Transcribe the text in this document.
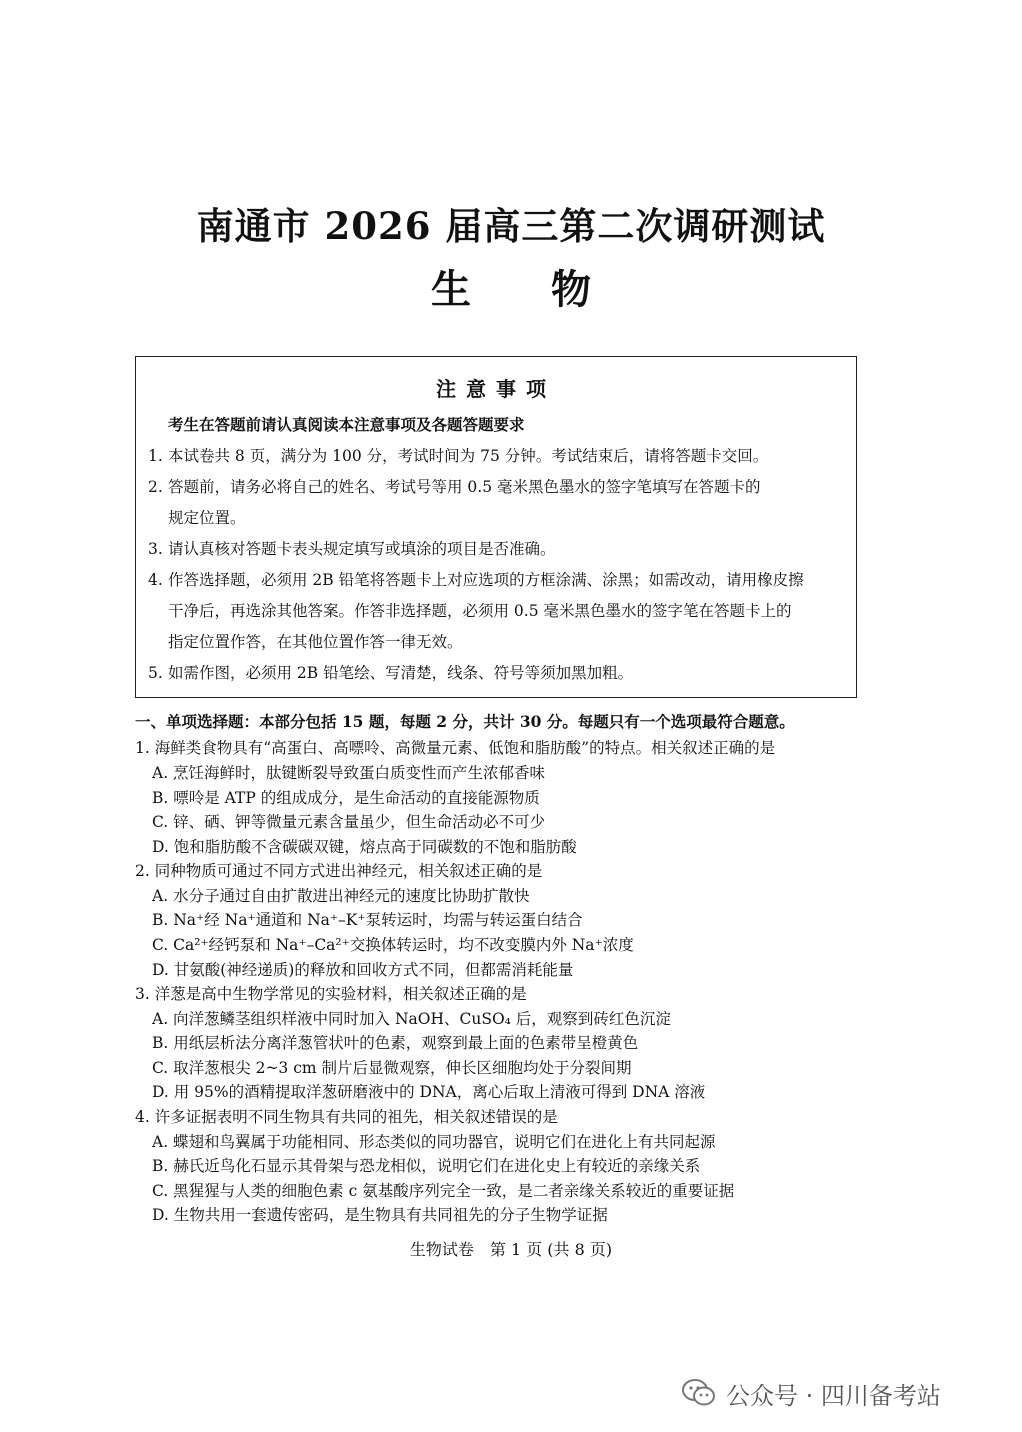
南通市 2026 届高三第二次调研测试
生物
注意事项
考生在答题前请认真阅读本注意事项及各题答题要求
1. 本试卷共 8 页，满分为 100 分，考试时间为 75 分钟。考试结束后，请将答题卡交回。
2. 答题前，请务必将自己的姓名、考试号等用 0.5 毫米黑色墨水的签字笔填写在答题卡的
规定位置。
3. 请认真核对答题卡表头规定填写或填涂的项目是否准确。
4. 作答选择题，必须用 2B 铅笔将答题卡上对应选项的方框涂满、涂黑；如需改动，请用橡皮擦
干净后，再选涂其他答案。作答非选择题，必须用 0.5 毫米黑色墨水的签字笔在答题卡上的
指定位置作答，在其他位置作答一律无效。
5. 如需作图，必须用 2B 铅笔绘、写清楚，线条、符号等须加黑加粗。
一、单项选择题：本部分包括 15 题，每题 2 分，共计 30 分。每题只有一个选项最符合题意。
1. 海鲜类食物具有“高蛋白、高嘌呤、高微量元素、低饱和脂肪酸”的特点。相关叙述正确的是
A. 烹饪海鲜时，肽键断裂导致蛋白质变性而产生浓郁香味
B. 嘌呤是 ATP 的组成成分，是生命活动的直接能源物质
C. 锌、硒、钾等微量元素含量虽少，但生命活动必不可少
D. 饱和脂肪酸不含碳碳双键，熔点高于同碳数的不饱和脂肪酸
2. 同种物质可通过不同方式进出神经元，相关叙述正确的是
A. 水分子通过自由扩散进出神经元的速度比协助扩散快
B. Na⁺经 Na⁺通道和 Na⁺–K⁺泵转运时，均需与转运蛋白结合
C. Ca²⁺经钙泵和 Na⁺–Ca²⁺交换体转运时，均不改变膜内外 Na⁺浓度
D. 甘氨酸(神经递质)的释放和回收方式不同，但都需消耗能量
3. 洋葱是高中生物学常见的实验材料，相关叙述正确的是
A. 向洋葱鳞茎组织样液中同时加入 NaOH、CuSO₄ 后，观察到砖红色沉淀
B. 用纸层析法分离洋葱管状叶的色素，观察到最上面的色素带呈橙黄色
C. 取洋葱根尖 2~3 cm 制片后显微观察，伸长区细胞均处于分裂间期
D. 用 95%的酒精提取洋葱研磨液中的 DNA，离心后取上清液可得到 DNA 溶液
4. 许多证据表明不同生物具有共同的祖先，相关叙述错误的是
A. 蝶翅和鸟翼属于功能相同、形态类似的同功器官，说明它们在进化上有共同起源
B. 赫氏近鸟化石显示其骨架与恐龙相似，说明它们在进化史上有较近的亲缘关系
C. 黑猩猩与人类的细胞色素 c 氨基酸序列完全一致，是二者亲缘关系较近的重要证据
D. 生物共用一套遗传密码，是生物具有共同祖先的分子生物学证据
生物试卷　第 1 页 (共 8 页)
公众号 · 四川备考站
